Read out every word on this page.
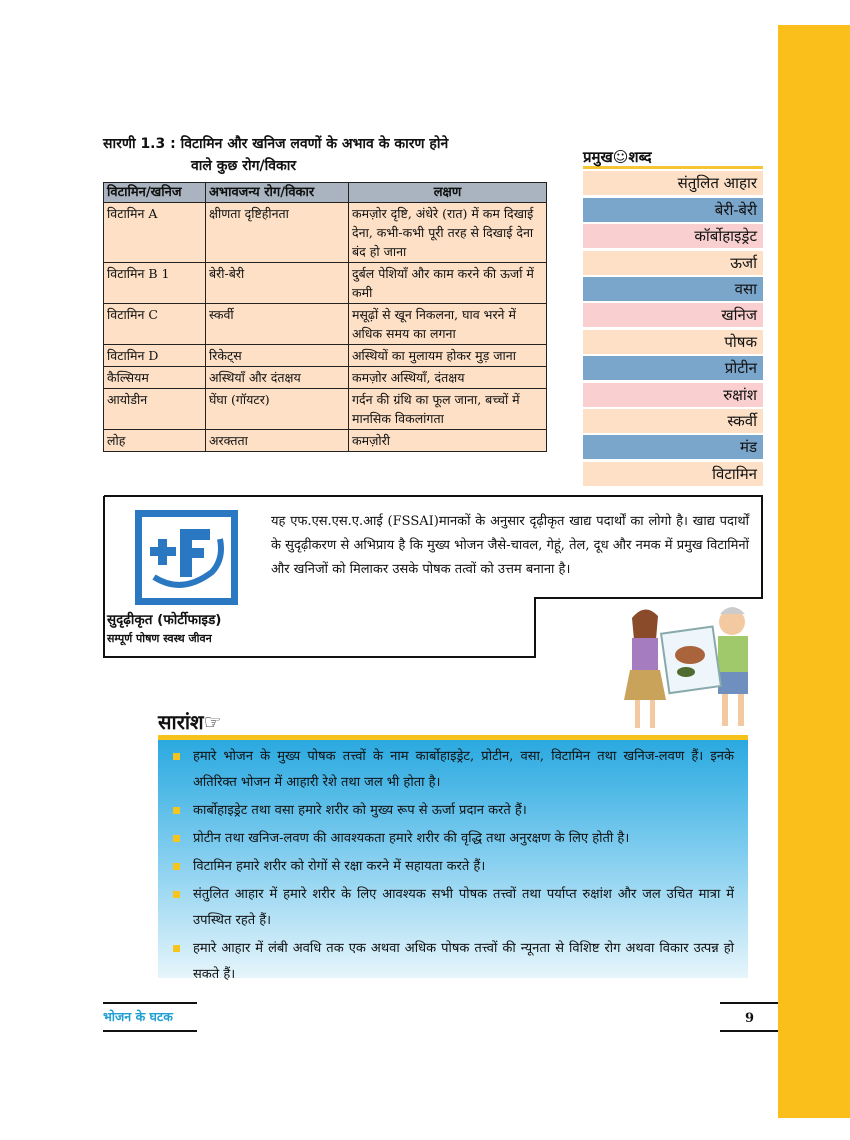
सारणी 1.3 : विटामिन और खनिज लवणों के अभाव के कारण होने
वाले कुछ रोग/विकार
विटामिन/खनिज	अभावजन्य रोग/विकार	लक्षण
विटामिन A	क्षीणता दृष्टिहीनता	कमज़ोर दृष्टि, अंधेरे (रात) में कम दिखाई देना, कभी-कभी पूरी तरह से दिखाई देना बंद हो जाना
विटामिन B 1	बेरी-बेरी	दुर्बल पेशियाँ और काम करने की ऊर्जा में कमी
विटामिन C	स्कर्वी	मसूढ़ों से खून निकलना, घाव भरने में अधिक समय का लगना
विटामिन D	रिकेट्स	अस्थियों का मुलायम होकर मुड़ जाना
कैल्सियम	अस्थियाँ और दंतक्षय	कमज़ोर अस्थियाँ, दंतक्षय
आयोडीन	घेंघा (गॉयटर)	गर्दन की ग्रंथि का फूल जाना, बच्चों में मानसिक विकलांगता
लोह	अरक्तता	कमज़ोरी
प्रमुख☺शब्द
संतुलित आहार
बेरी-बेरी
कॉर्बोहाइड्रेट
ऊर्जा
वसा
खनिज
पोषक
प्रोटीन
रुक्षांश
स्कर्वी
मंड
विटामिन
सुदृढ़ीकृत (फोर्टीफाइड)
सम्पूर्ण पोषण स्वस्थ जीवन
यह एफ.एस.एस.ए.आई (FSSAI)मानकों के अनुसार दृढ़ीकृत खाद्य पदार्थों का लोगो है। खाद्य पदार्थों के सुदृढ़ीकरण से अभिप्राय है कि मुख्य भोजन जैसे-चावल, गेहूं, तेल, दूध और नमक में प्रमुख विटामिनों और खनिजों को मिलाकर उसके पोषक तत्वों को उत्तम बनाना है।
सारांश☞
हमारे भोजन के मुख्य पोषक तत्त्वों के नाम कार्बोहाइड्रेट, प्रोटीन, वसा, विटामिन तथा खनिज-लवण हैं। इनके अतिरिक्त भोजन में आहारी रेशे तथा जल भी होता है।
कार्बोहाइड्रेट तथा वसा हमारे शरीर को मुख्य रूप से ऊर्जा प्रदान करते हैं।
प्रोटीन तथा खनिज-लवण की आवश्यकता हमारे शरीर की वृद्धि तथा अनुरक्षण के लिए होती है।
विटामिन हमारे शरीर को रोगों से रक्षा करने में सहायता करते हैं।
संतुलित आहार में हमारे शरीर के लिए आवश्यक सभी पोषक तत्त्वों तथा पर्याप्त रुक्षांश और जल उचित मात्रा में उपस्थित रहते हैं।
हमारे आहार में लंबी अवधि तक एक अथवा अधिक पोषक तत्त्वों की न्यूनता से विशिष्ट रोग अथवा विकार उत्पन्न हो सकते हैं।
भोजन के घटक	9
